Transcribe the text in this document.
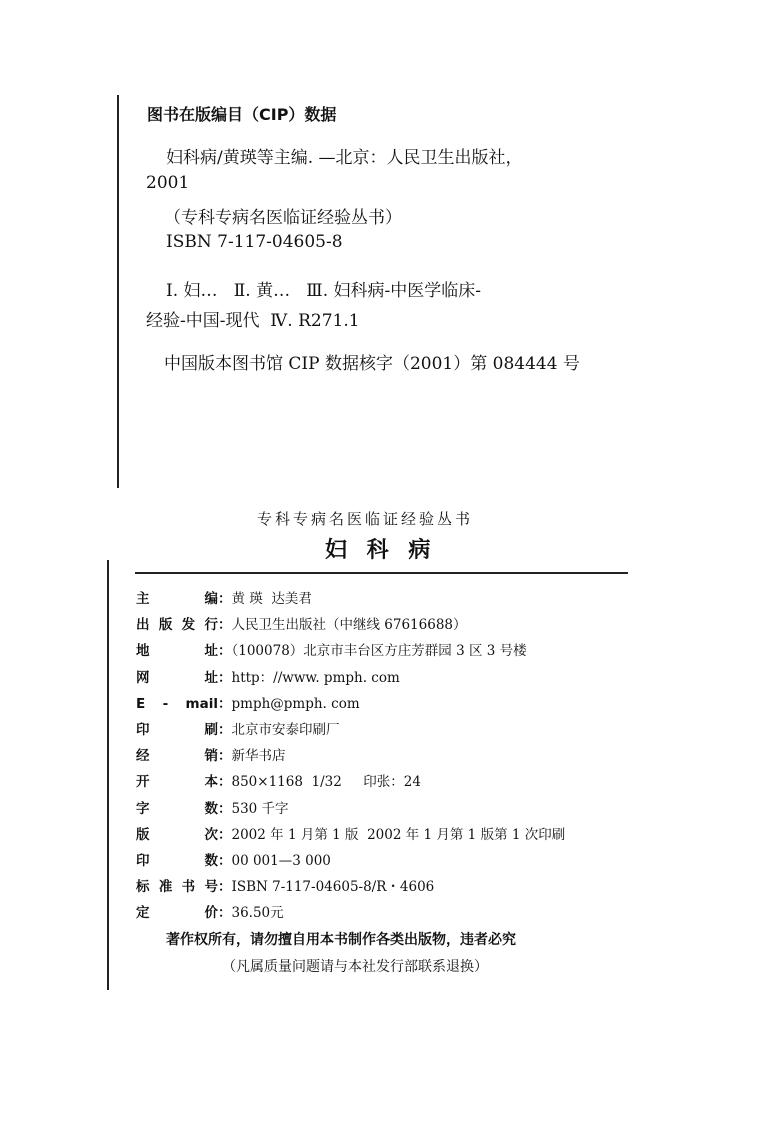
图书在版编目（CIP）数据
妇科病/黄瑛等主编. —北京：人民卫生出版社，
2001
（专科专病名医临证经验丛书）
ISBN 7-117-04605-8
Ⅰ. 妇…   Ⅱ. 黄…   Ⅲ. 妇科病-中医学临床-
经验-中国-现代  Ⅳ. R271.1
中国版本图书馆 CIP 数据核字（2001）第 084444 号
专科专病名医临证经验丛书
妇 科 病
主编：黄 瑛  达美君
出版发行：人民卫生出版社（中继线 67616688）
地址：（100078）北京市丰台区方庄芳群园 3 区 3 号楼
网址：http：//www. pmph. com
E - mail：pmph@pmph. com
印刷：北京市安泰印刷厂
经销：新华书店
开本：850×1168  1/32     印张：24
字数：530 千字
版次：2002 年 1 月第 1 版  2002 年 1 月第 1 版第 1 次印刷
印数：00 001—3 000
标准书号：ISBN 7-117-04605-8/R・4606
定价：36.50元
著作权所有，请勿擅自用本书制作各类出版物，违者必究
（凡属质量问题请与本社发行部联系退换）
